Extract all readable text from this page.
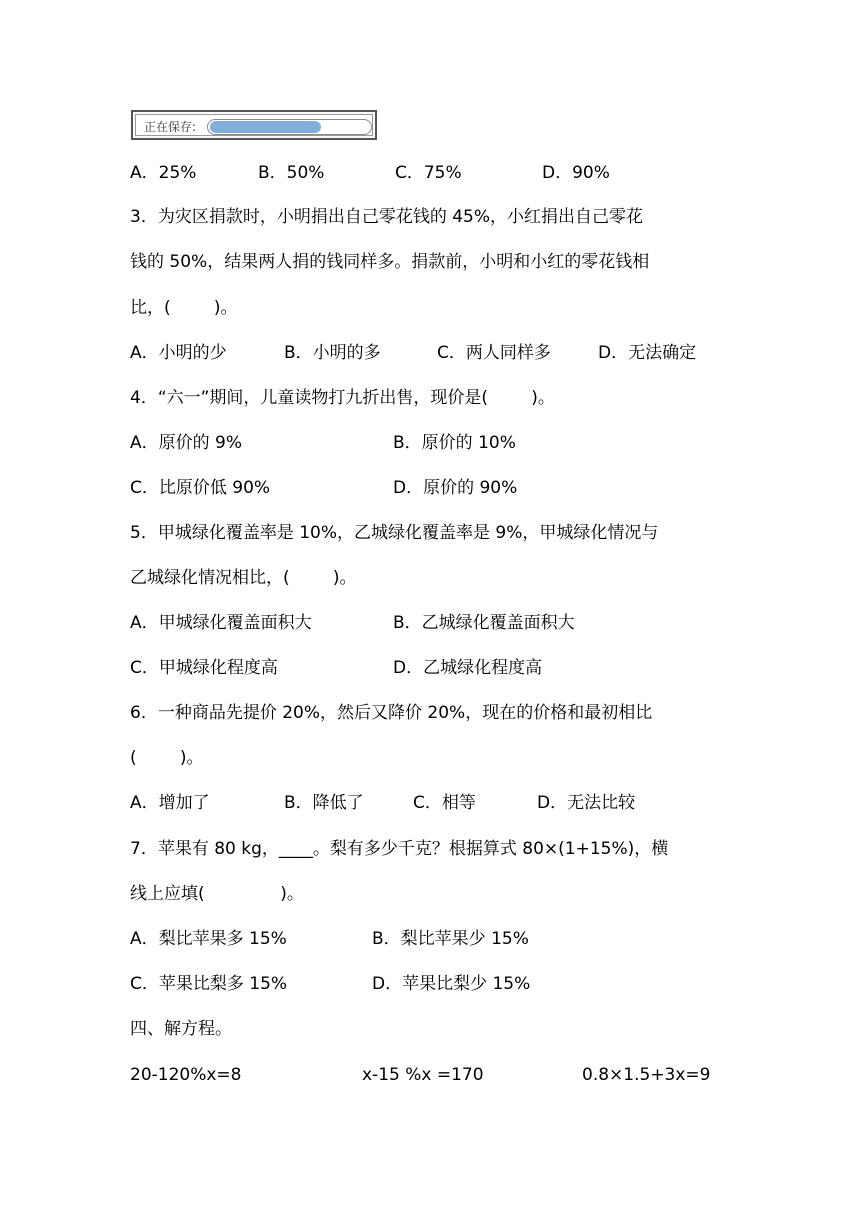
正在保存:
A．25%	B．50%	C．75%	D．90%
3．为灾区捐款时，小明捐出自己零花钱的 45%，小红捐出自己零花
钱的 50%，结果两人捐的钱同样多。捐款前，小明和小红的零花钱相
比，(        )。
A．小明的少	B．小明的多	C．两人同样多	D．无法确定
4．“六一”期间，儿童读物打九折出售，现价是(        )。
A．原价的 9%	B．原价的 10%
C．比原价低 90%	D．原价的 90%
5．甲城绿化覆盖率是 10%，乙城绿化覆盖率是 9%，甲城绿化情况与
乙城绿化情况相比，(        )。
A．甲城绿化覆盖面积大	B．乙城绿化覆盖面积大
C．甲城绿化程度高	D．乙城绿化程度高
6．一种商品先提价 20%，然后又降价 20%，现在的价格和最初相比
(        )。
A．增加了	B．降低了	C．相等	D．无法比较
7．苹果有 80 kg，____。梨有多少千克？根据算式 80×(1+15%)，横
线上应填(              )。
A．梨比苹果多 15%	B．梨比苹果少 15%
C．苹果比梨多 15%	D．苹果比梨少 15%
四、解方程。
20-120%x=8	x-15 %x =170	0.8×1.5+3x=9
